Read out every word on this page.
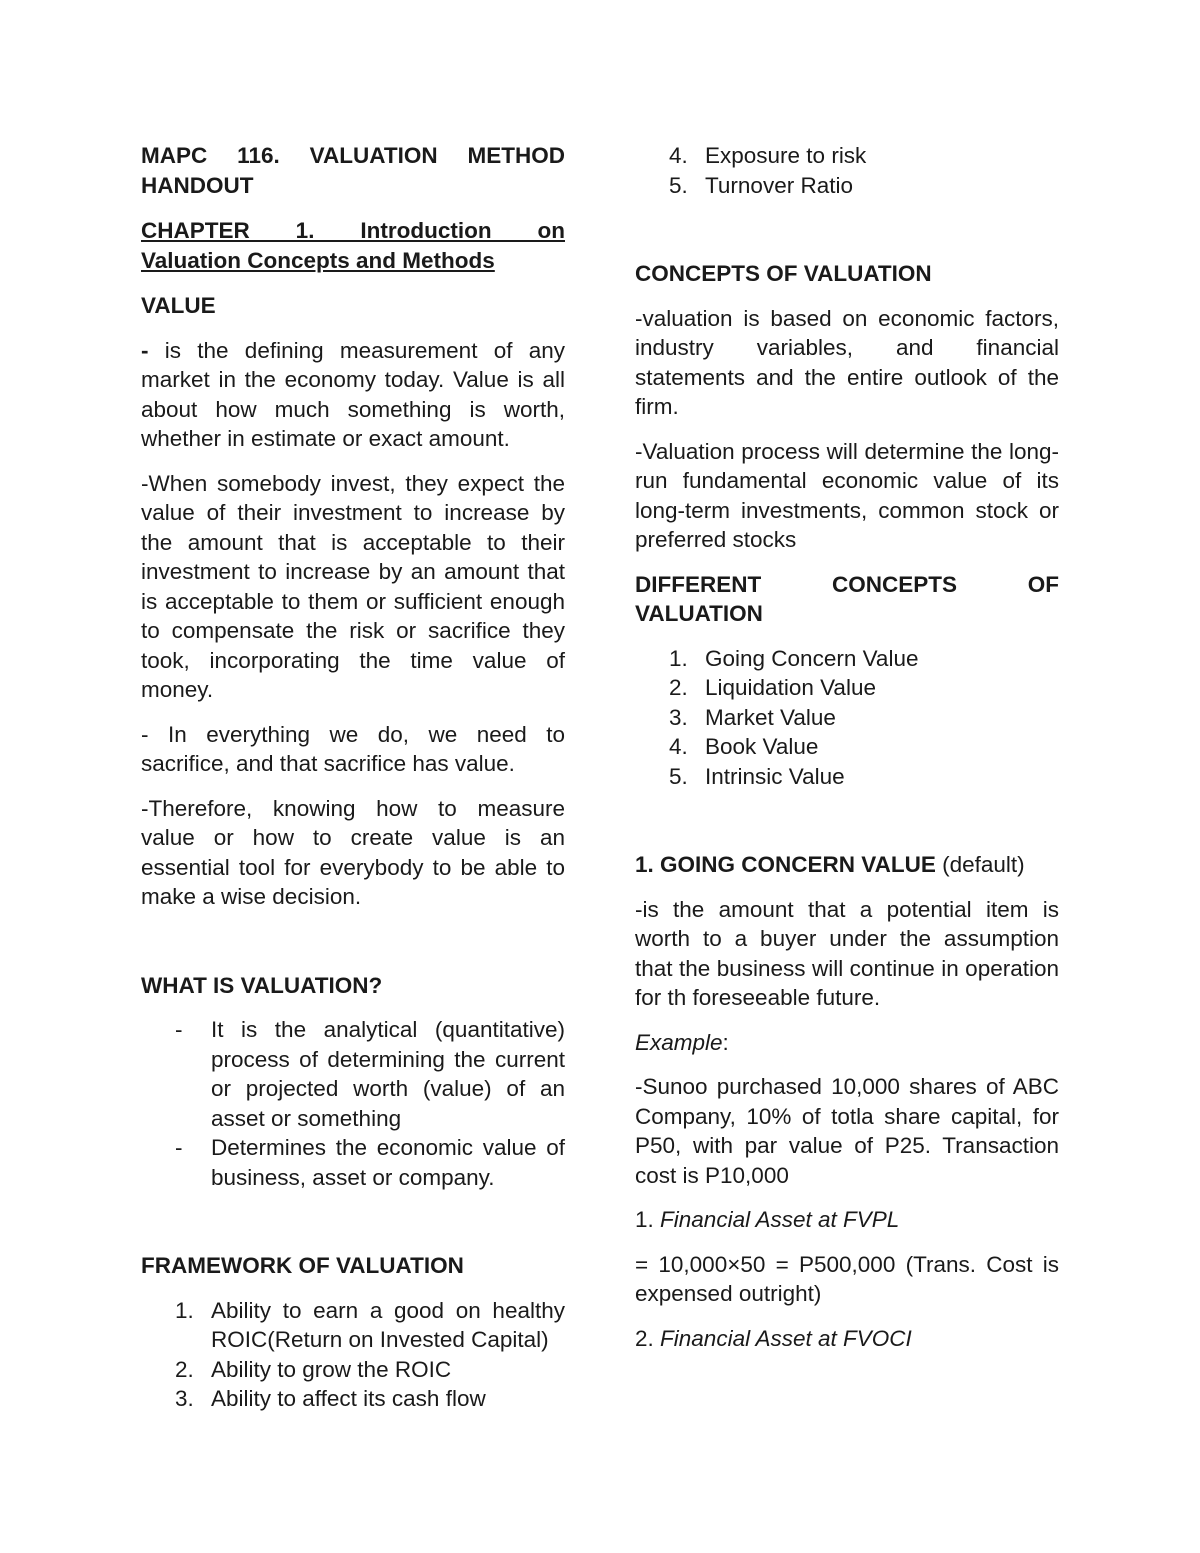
MAPC 116. VALUATION METHOD HANDOUT

CHAPTER 1. Introduction on
Valuation Concepts and Methods

VALUE

- is the defining measurement of any market in the economy today. Value is all about how much something is worth, whether in estimate or exact amount.

-When somebody invest, they expect the value of their investment to increase by the amount that is acceptable to their investment to increase by an amount that is acceptable to them or sufficient enough to compensate the risk or sacrifice they took, incorporating the time value of money.

- In everything we do, we need to sacrifice, and that sacrifice has value.

-Therefore, knowing how to measure value or how to create value is an essential tool for everybody to be able to make a wise decision.

WHAT IS VALUATION?

- It is the analytical (quantitative) process of determining the current or projected worth (value) of an asset or something
- Determines the economic value of business, asset or company.

FRAMEWORK OF VALUATION

1. Ability to earn a good on healthy ROIC(Return on Invested Capital)
2. Ability to grow the ROIC
3. Ability to affect its cash flow
4. Exposure to risk
5. Turnover Ratio

CONCEPTS OF VALUATION

-valuation is based on economic factors, industry variables, and financial statements and the entire outlook of the firm.

-Valuation process will determine the long-run fundamental economic value of its long-term investments, common stock or preferred stocks

DIFFERENT CONCEPTS OF
VALUATION

1. Going Concern Value
2. Liquidation Value
3. Market Value
4. Book Value
5. Intrinsic Value

1. GOING CONCERN VALUE (default)

-is the amount that a potential item is worth to a buyer under the assumption that the business will continue in operation for th foreseeable future.

Example:

-Sunoo purchased 10,000 shares of ABC Company, 10% of totla share capital, for P50, with par value of P25. Transaction cost is P10,000

1. Financial Asset at FVPL

= 10,000×50 = P500,000 (Trans. Cost is expensed outright)

2. Financial Asset at FVOCI
